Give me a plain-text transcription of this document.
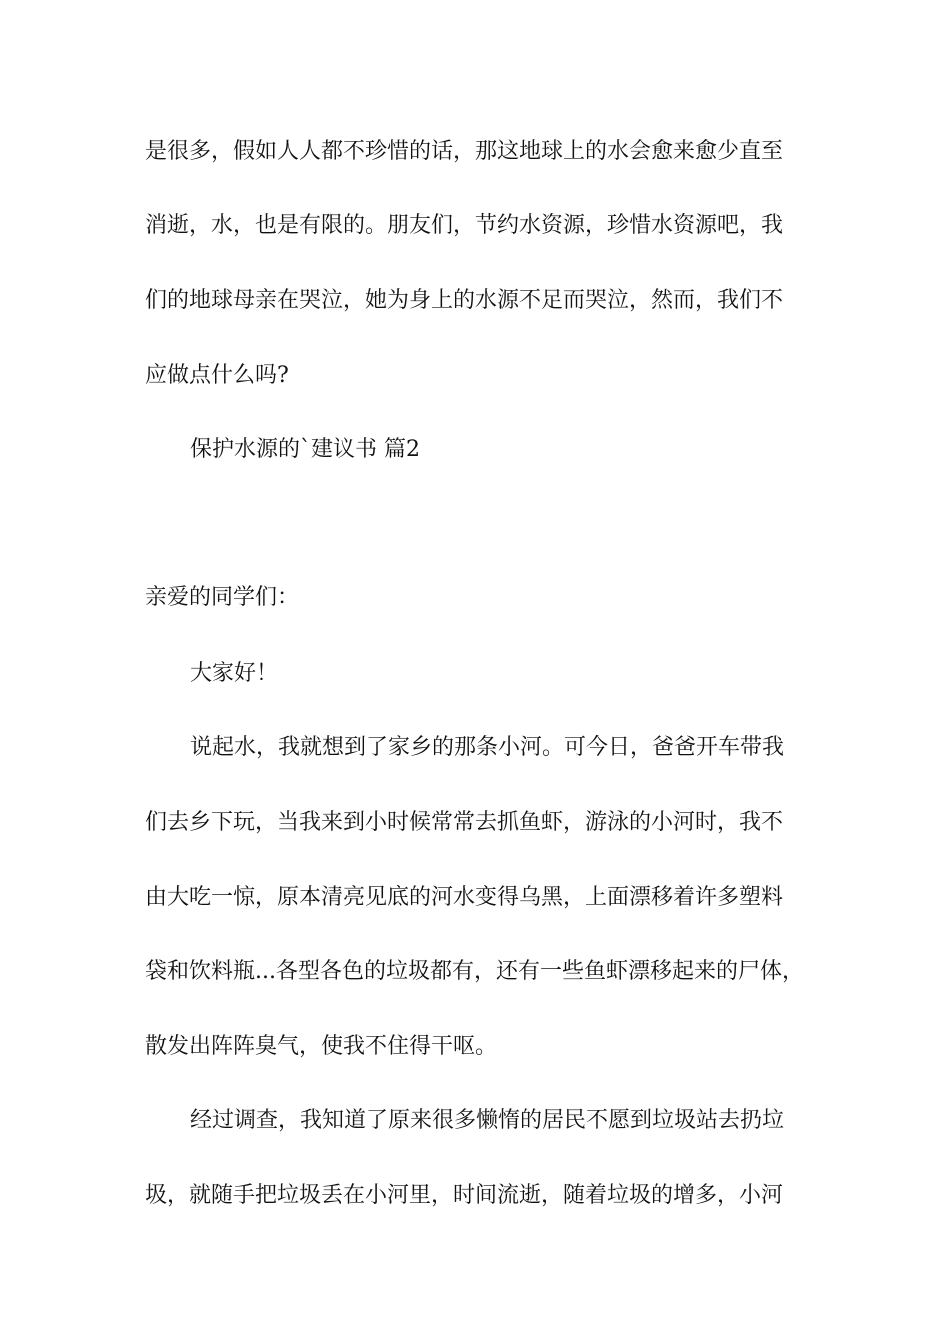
是很多，假如人人都不珍惜的话，那这地球上的水会愈来愈少直至
消逝，水，也是有限的。朋友们，节约水资源，珍惜水资源吧，我
们的地球母亲在哭泣，她为身上的水源不足而哭泣，然而，我们不
应做点什么吗?
保护水源的`建议书 篇2
亲爱的同学们：
大家好！
说起水，我就想到了家乡的那条小河。可今日，爸爸开车带我
们去乡下玩，当我来到小时候常常去抓鱼虾，游泳的小河时，我不
由大吃一惊，原本清亮见底的河水变得乌黑，上面漂移着许多塑料
袋和饮料瓶...各型各色的垃圾都有，还有一些鱼虾漂移起来的尸体，
散发出阵阵臭气，使我不住得干呕。
经过调查，我知道了原来很多懒惰的居民不愿到垃圾站去扔垃
圾，就随手把垃圾丢在小河里，时间流逝，随着垃圾的增多，小河
